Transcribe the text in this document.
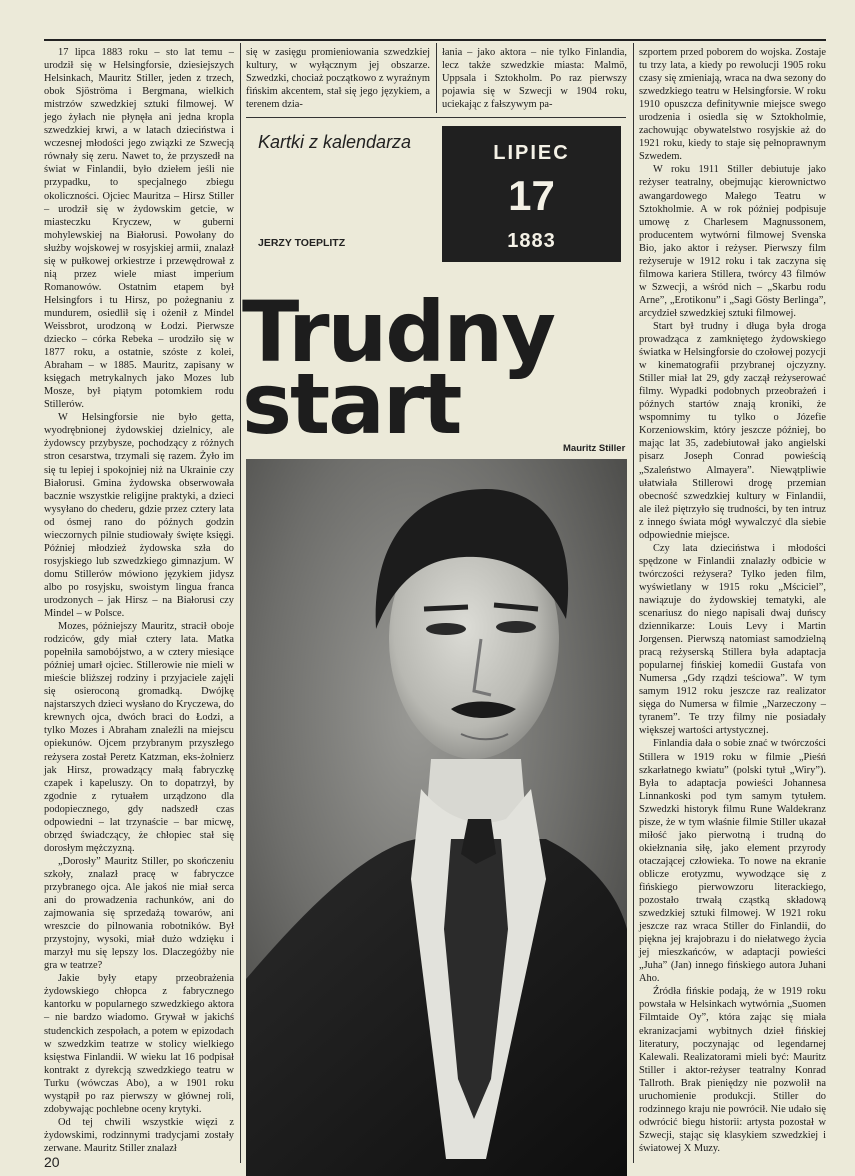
17 lipca 1883 roku – sto lat temu – urodził się w Helsingforsie, dziesiejszych Helsinkach, Mauritz Stiller, jeden z trzech, obok Sjöströma i Bergmana, wielkich mistrzów szwedzkiej sztuki filmowej. W jego żyłach nie płynęła ani jedna kropla szwedzkiej krwi, a w latach dzieciństwa i wczesnej młodości jego związki ze Szwecją równały się zeru. Nawet to, że przyszedł na świat w Finlandii, było dziełem jeśli nie przypadku, to specjalnego zbiegu okoliczności. Ojciec Mauritza – Hirsz Stiller – urodził się w żydowskim getcie, w miasteczku Kryczew, w guberni mohylewskiej na Białorusi. Powołany do służby wojskowej w rosyjskiej armii, znalazł się w pułkowej orkiestrze i przewędrował z nią przez wiele miast imperium Romanowów. Ostatnim etapem był Helsingfors i tu Hirsz, po pożegnaniu z mundurem, osiedlił się i ożenił z Mindel Weissbrot, urodzoną w Łodzi. Pierwsze dziecko – córka Rebeka – urodziło się w 1877 roku, a ostatnie, szóste z kolei, Abraham – w 1885. Mauritz, zapisany w księgach metrykalnych jako Mozes lub Mosze, był piątym potomkiem rodu Stillerów.

W Helsingforsie nie było getta, wyodrębnionej żydowskiej dzielnicy, ale żydowscy przybysze, pochodzący z różnych stron cesarstwa, trzymali się razem. Żyło im się tu lepiej i spokojniej niż na Ukrainie czy Białorusi. Gmina żydowska obserwowała bacznie wszystkie religijne praktyki, a dzieci wysyłano do chederu, gdzie przez cztery lata od ósmej rano do późnych godzin wieczornych pilnie studiowały święte księgi. Później młodzież żydowska szła do rosyjskiego lub szwedzkiego gimnazjum. W domu Stillerów mówiono językiem jidysz albo po rosyjsku, swoistym lingua franca urodzonych – jak Hirsz – na Białorusi czy Mindel – w Polsce.

Mozes, późniejszy Mauritz, stracił oboje rodziców, gdy miał cztery lata. Matka popełniła samobójstwo, a w cztery miesiące później umarł ojciec. Stillerowie nie mieli w mieście bliższej rodziny i przyjaciele zajęli się osieroconą gromadką. Dwójkę najstarszych dzieci wysłano do Kryczewa, do krewnych ojca, dwóch braci do Łodzi, a tylko Mozes i Abraham znaleźli na miejscu opiekunów. Ojcem przybranym przyszłego reżysera został Peretz Katzman, eks-żołnierz jak Hirsz, prowadzący małą fabryczkę czapek i kapeluszy. On to dopatrzył, by zgodnie z rytuałem urządzono dla podopiecznego, gdy nadszedł czas odpowiedni – lat trzynaście – bar micwę, obrzęd świadczący, że chłopiec stał się dorosłym mężczyzną.

„Dorosły” Mauritz Stiller, po skończeniu szkoły, znalazł pracę w fabryczce przybranego ojca. Ale jakoś nie miał serca ani do prowadzenia rachunków, ani do zajmowania się sprzedażą towarów, ani wreszcie do pilnowania robotników. Był przystojny, wysoki, miał dużo wdzięku i marzył mu się lepszy los. Dlaczegóżby nie gra w teatrze?

Jakie były etapy przeobrażenia żydowskiego chłopca z fabrycznego kantorku w popularnego szwedzkiego aktora – nie bardzo wiadomo. Grywał w jakichś studenckich zespołach, a potem w epizodach w szwedzkim teatrze w stolicy wielkiego księstwa Finlandii. W wieku lat 16 podpisał kontrakt z dyrekcją szwedzkiego teatru w Turku (wówczas Abo), a w 1901 roku wystąpił po raz pierwszy w głównej roli, zdobywając pochlebne oceny krytyki.

Od tej chwili wszystkie więzi z żydowskimi, rodzinnymi tradycjami zostały zerwane. Mauritz Stiller znalazł

się w zasięgu promieniowania szwedzkiej kultury, w wyłącznym jej obszarze. Szwedzki, chociaż początkowo z wyraźnym fińskim akcentem, stał się jego językiem, a terenem dzia-

łania – jako aktora – nie tylko Finlandia, lecz także szwedzkie miasta: Malmö, Uppsala i Sztokholm. Po raz pierwszy pojawia się w Szwecji w 1904 roku, uciekając z fałszywym pa-

Kartki z kalendarza
JERZY TOEPLITZ
LIPIEC
17
1883
Trudny
start	Mauritz Stiller

szportem przed poborem do wojska. Zostaje tu trzy lata, a kiedy po rewolucji 1905 roku czasy się zmieniają, wraca na dwa sezony do szwedzkiego teatru w Helsingforsie. W roku 1910 opuszcza definitywnie miejsce swego urodzenia i osiedla się w Sztokholmie, zachowując obywatelstwo rosyjskie aż do 1921 roku, kiedy to staje się pełnoprawnym Szwedem.

W roku 1911 Stiller debiutuje jako reżyser teatralny, obejmując kierownictwo awangardowego Małego Teatru w Sztokholmie. A w rok później podpisuje umowę z Charlesem Magnussonem, producentem wytwórni filmowej Svenska Bio, jako aktor i reżyser. Pierwszy film reżyseruje w 1912 roku i tak zaczyna się filmowa kariera Stillera, twórcy 43 filmów w Szwecji, a wśród nich – „Skarbu rodu Arne”, „Erotikonu” i „Sagi Gösty Berlinga”, arcydzieł szwedzkiej sztuki filmowej.

Start był trudny i długa była droga prowadząca z zamkniętego żydowskiego światka w Helsingforsie do czołowej pozycji w kinematografii przybranej ojczyzny. Stiller miał lat 29, gdy zaczął reżyserować filmy. Wypadki podobnych przeobrażeń i późnych startów znają kroniki, że wspomnimy tu tylko o Józefie Korzeniowskim, który jeszcze później, bo mając lat 35, zadebiutował jako angielski pisarz Joseph Conrad powieścią „Szaleństwo Almayera”. Niewątpliwie ułatwiała Stillerowi drogę przemian obecność szwedzkiej kultury w Finlandii, ale ileż piętrzyło się trudności, by ten intruz z innego świata mógł wywalczyć dla siebie odpowiednie miejsce.

Czy lata dzieciństwa i młodości spędzone w Finlandii znalazły odbicie w twórczości reżysera? Tylko jeden film, wyświetlany w 1915 roku „Mściciel”, nawiązuje do żydowskiej tematyki, ale scenariusz do niego napisali dwaj duńscy dziennikarze: Louis Levy i Martin Jorgensen. Pierwszą natomiast samodzielną pracą reżyserską Stillera była adaptacja popularnej fińskiej komedii Gustafa von Numersa „Gdy rządzi teściowa”. W tym samym 1912 roku jeszcze raz realizator sięga do Numersa w filmie „Narzeczony – tyranem”. Te trzy filmy nie posiadały większej wartości artystycznej.

Finlandia dała o sobie znać w twórczości Stillera w 1919 roku w filmie „Pieśń szkarłatnego kwiatu” (polski tytuł „Wiry”). Była to adaptacja powieści Johannesa Linnankoski pod tym samym tytułem. Szwedzki historyk filmu Rune Waldekranz pisze, że w tym właśnie filmie Stiller ukazał miłość jako pierwotną i trudną do okiełznania siłę, jako element przyrody otaczającej człowieka. To nowe na ekranie oblicze erotyzmu, wywodzące się z fińskiego pierwowzoru literackiego, pozostało trwałą cząstką składową szwedzkiej sztuki filmowej. W 1921 roku jeszcze raz wraca Stiller do Finlandii, do piękna jej krajobrazu i do niełatwego życia jej mieszkańców, w adaptacji powieści „Juha” (Jan) innego fińskiego autora Juhani Aho.

Źródła fińskie podają, że w 1919 roku powstała w Helsinkach wytwórnia „Suomen Filmtaide Oy”, która zając się miała ekranizacjami wybitnych dzieł fińskiej literatury, poczynając od legendarnej Kalewali. Realizatorami mieli być: Mauritz Stiller i aktor-reżyser teatralny Konrad Tallroth. Brak pieniędzy nie pozwolił na uruchomienie produkcji. Stiller do rodzinnego kraju nie powrócił. Nie udało się odwrócić biegu historii: artysta pozostał w Szwecji, stając się klasykiem szwedzkiej i światowej X Muzy.

20
